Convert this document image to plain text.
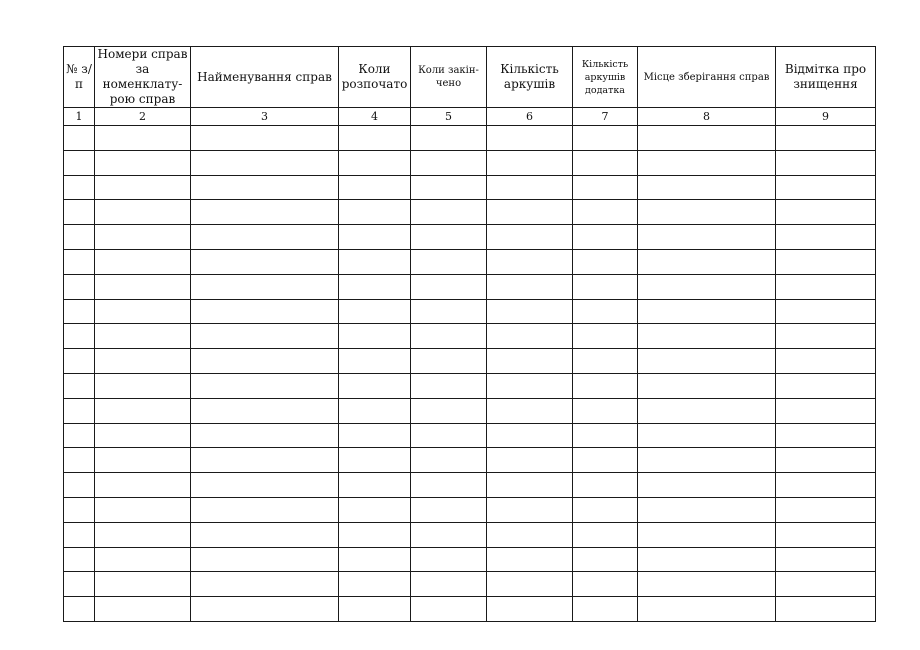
№ з/п	Номери справ за номенклату-рою справ	Найменування справ	Коли розпочато	Коли закін-чено	Кількість аркушів	Кількість аркушів додатка	Місце зберігання справ	Відмітка про знищення
1	2	3	4	5	6	7	8	9
